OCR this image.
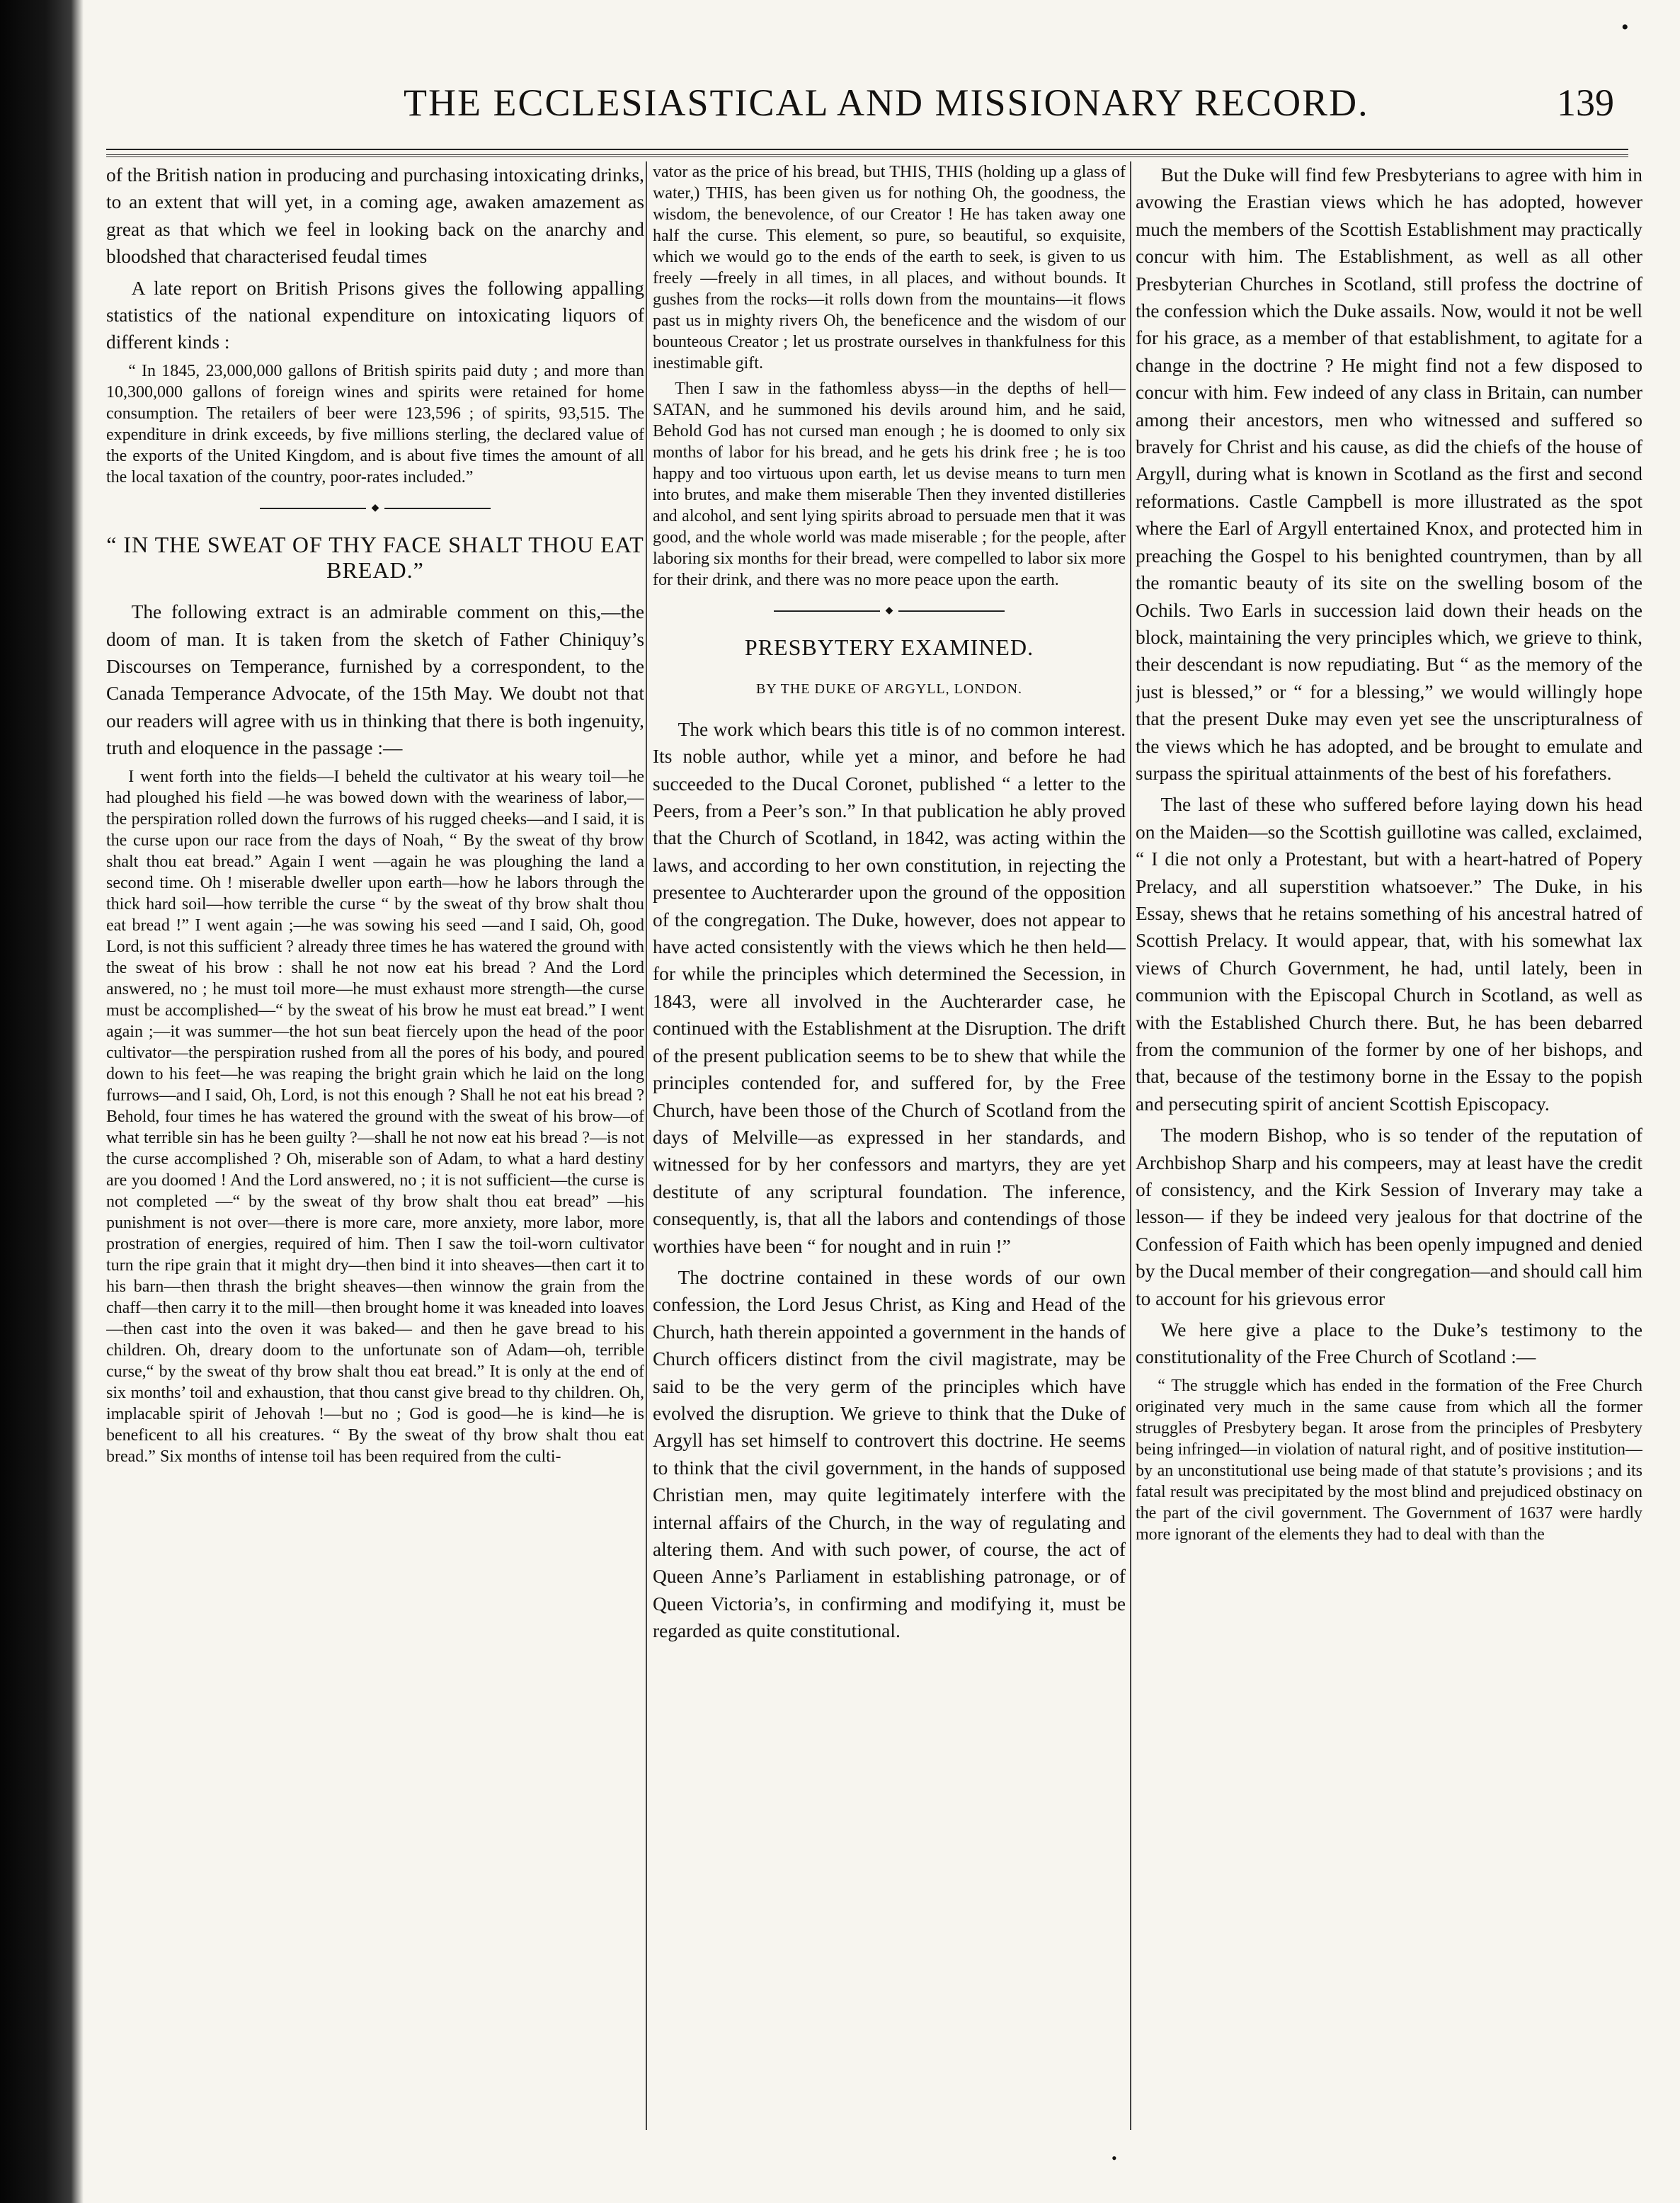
•
THE ECCLESIASTICAL AND MISSIONARY RECORD.	139

of the British nation in producing and purchasing intoxicating drinks, to an extent that will yet, in a coming age, awaken amazement as great as that which we feel in looking back on the anarchy and bloodshed that characterised feudal times

A late report on British Prisons gives the following appalling statistics of the national expenditure on intoxicating liquors of different kinds :

“ In 1845, 23,000,000 gallons of British spirits paid duty ; and more than 10,300,000 gallons of foreign wines and spirits were retained for home consumption. The retailers of beer were 123,596 ; of spirits, 93,515. The expenditure in drink exceeds, by five millions sterling, the declared value of the exports of the United Kingdom, and is about five times the amount of all the local taxation of the country, poor-rates included.”

◆

“ IN THE SWEAT OF THY FACE SHALT THOU EAT BREAD.”

The following extract is an admirable comment on this,—the doom of man. It is taken from the sketch of Father Chiniquy’s Discourses on Temperance, furnished by a correspondent, to the Canada Temperance Advocate, of the 15th May. We doubt not that our readers will agree with us in thinking that there is both ingenuity, truth and eloquence in the passage :—

I went forth into the fields—I beheld the cultivator at his weary toil—he had ploughed his field —he was bowed down with the weariness of labor,—the perspiration rolled down the furrows of his rugged cheeks—and I said, it is the curse upon our race from the days of Noah, “ By the sweat of thy brow shalt thou eat bread.” Again I went —again he was ploughing the land a second time. Oh ! miserable dweller upon earth—how he labors through the thick hard soil—how terrible the curse “ by the sweat of thy brow shalt thou eat bread !” I went again ;—he was sowing his seed —and I said, Oh, good Lord, is not this sufficient ? already three times he has watered the ground with the sweat of his brow : shall he not now eat his bread ? And the Lord answered, no ; he must toil more—he must exhaust more strength—the curse must be accomplished—“ by the sweat of his brow he must eat bread.” I went again ;—it was summer—the hot sun beat fiercely upon the head of the poor cultivator—the perspiration rushed from all the pores of his body, and poured down to his feet—he was reaping the bright grain which he laid on the long furrows—and I said, Oh, Lord, is not this enough ? Shall he not eat his bread ? Behold, four times he has watered the ground with the sweat of his brow—of what terrible sin has he been guilty ?—shall he not now eat his bread ?—is not the curse accomplished ? Oh, miserable son of Adam, to what a hard destiny are you doomed ! And the Lord answered, no ; it is not sufficient—the curse is not completed —“ by the sweat of thy brow shalt thou eat bread” —his punishment is not over—there is more care, more anxiety, more labor, more prostration of energies, required of him. Then I saw the toil-worn cultivator turn the ripe grain that it might dry—then bind it into sheaves—then cart it to his barn—then thrash the bright sheaves—then winnow the grain from the chaff—then carry it to the mill—then brought home it was kneaded into loaves—then cast into the oven it was baked— and then he gave bread to his children. Oh, dreary doom to the unfortunate son of Adam—oh, terrible curse,“ by the sweat of thy brow shalt thou eat bread.” It is only at the end of six months’ toil and exhaustion, that thou canst give bread to thy children. Oh, implacable spirit of Jehovah !—but no ; God is good—he is kind—he is beneficent to all his creatures. “ By the sweat of thy brow shalt thou eat bread.” Six months of intense toil has been required from the culti-

vator as the price of his bread, but THIS, THIS (holding up a glass of water,) THIS, has been given us for nothing Oh, the goodness, the wisdom, the benevolence, of our Creator ! He has taken away one half the curse. This element, so pure, so beautiful, so exquisite, which we would go to the ends of the earth to seek, is given to us freely —freely in all times, in all places, and without bounds. It gushes from the rocks—it rolls down from the mountains—it flows past us in mighty rivers Oh, the beneficence and the wisdom of our bounteous Creator ; let us prostrate ourselves in thankfulness for this inestimable gift.

Then I saw in the fathomless abyss—in the depths of hell—SATAN, and he summoned his devils around him, and he said, Behold God has not cursed man enough ; he is doomed to only six months of labor for his bread, and he gets his drink free ; he is too happy and too virtuous upon earth, let us devise means to turn men into brutes, and make them miserable Then they invented distilleries and alcohol, and sent lying spirits abroad to persuade men that it was good, and the whole world was made miserable ; for the people, after laboring six months for their bread, were compelled to labor six more for their drink, and there was no more peace upon the earth.

◆

PRESBYTERY EXAMINED.

BY THE DUKE OF ARGYLL, LONDON.

The work which bears this title is of no common interest. Its noble author, while yet a minor, and before he had succeeded to the Ducal Coronet, published “ a letter to the Peers, from a Peer’s son.” In that publication he ably proved that the Church of Scotland, in 1842, was acting within the laws, and according to her own constitution, in rejecting the presentee to Auchterarder upon the ground of the opposition of the congregation. The Duke, however, does not appear to have acted consistently with the views which he then held—for while the principles which determined the Secession, in 1843, were all involved in the Auchterarder case, he continued with the Establishment at the Disruption. The drift of the present publication seems to be to shew that while the principles contended for, and suffered for, by the Free Church, have been those of the Church of Scotland from the days of Melville—as expressed in her standards, and witnessed for by her confessors and martyrs, they are yet destitute of any scriptural foundation. The inference, consequently, is, that all the labors and contendings of those worthies have been “ for nought and in ruin !”

The doctrine contained in these words of our own confession, the Lord Jesus Christ, as King and Head of the Church, hath therein appointed a government in the hands of Church officers distinct from the civil magistrate, may be said to be the very germ of the principles which have evolved the disruption. We grieve to think that the Duke of Argyll has set himself to controvert this doctrine. He seems to think that the civil government, in the hands of supposed Christian men, may quite legitimately interfere with the internal affairs of the Church, in the way of regulating and altering them. And with such power, of course, the act of Queen Anne’s Parliament in establishing patronage, or of Queen Victoria’s, in confirming and modifying it, must be regarded as quite constitutional.

But the Duke will find few Presbyterians to agree with him in avowing the Erastian views which he has adopted, however much the members of the Scottish Establishment may practically concur with him. The Establishment, as well as all other Presbyterian Churches in Scotland, still profess the doctrine of the confession which the Duke assails. Now, would it not be well for his grace, as a member of that establishment, to agitate for a change in the doctrine ? He might find not a few disposed to concur with him. Few indeed of any class in Britain, can number among their ancestors, men who witnessed and suffered so bravely for Christ and his cause, as did the chiefs of the house of Argyll, during what is known in Scotland as the first and second reformations. Castle Campbell is more illustrated as the spot where the Earl of Argyll entertained Knox, and protected him in preaching the Gospel to his benighted countrymen, than by all the romantic beauty of its site on the swelling bosom of the Ochils. Two Earls in succession laid down their heads on the block, maintaining the very principles which, we grieve to think, their descendant is now repudiating. But “ as the memory of the just is blessed,” or “ for a blessing,” we would willingly hope that the present Duke may even yet see the unscripturalness of the views which he has adopted, and be brought to emulate and surpass the spiritual attainments of the best of his forefathers.

The last of these who suffered before laying down his head on the Maiden—so the Scottish guillotine was called, exclaimed, “ I die not only a Protestant, but with a heart-hatred of Popery Prelacy, and all superstition whatsoever.” The Duke, in his Essay, shews that he retains something of his ancestral hatred of Scottish Prelacy. It would appear, that, with his somewhat lax views of Church Government, he had, until lately, been in communion with the Episcopal Church in Scotland, as well as with the Established Church there. But, he has been debarred from the communion of the former by one of her bishops, and that, because of the testimony borne in the Essay to the popish and persecuting spirit of ancient Scottish Episcopacy.

The modern Bishop, who is so tender of the reputation of Archbishop Sharp and his compeers, may at least have the credit of consistency, and the Kirk Session of Inverary may take a lesson— if they be indeed very jealous for that doctrine of the Confession of Faith which has been openly impugned and denied by the Ducal member of their congregation—and should call him to account for his grievous error

We here give a place to the Duke’s testimony to the constitutionality of the Free Church of Scotland :—

“ The struggle which has ended in the formation of the Free Church originated very much in the same cause from which all the former struggles of Presbytery began. It arose from the principles of Presbytery being infringed—in violation of natural right, and of positive institution— by an unconstitutional use being made of that statute’s provisions ; and its fatal result was precipitated by the most blind and prejudiced obstinacy on the part of the civil government. The Government of 1637 were hardly more ignorant of the elements they had to deal with than the

•
